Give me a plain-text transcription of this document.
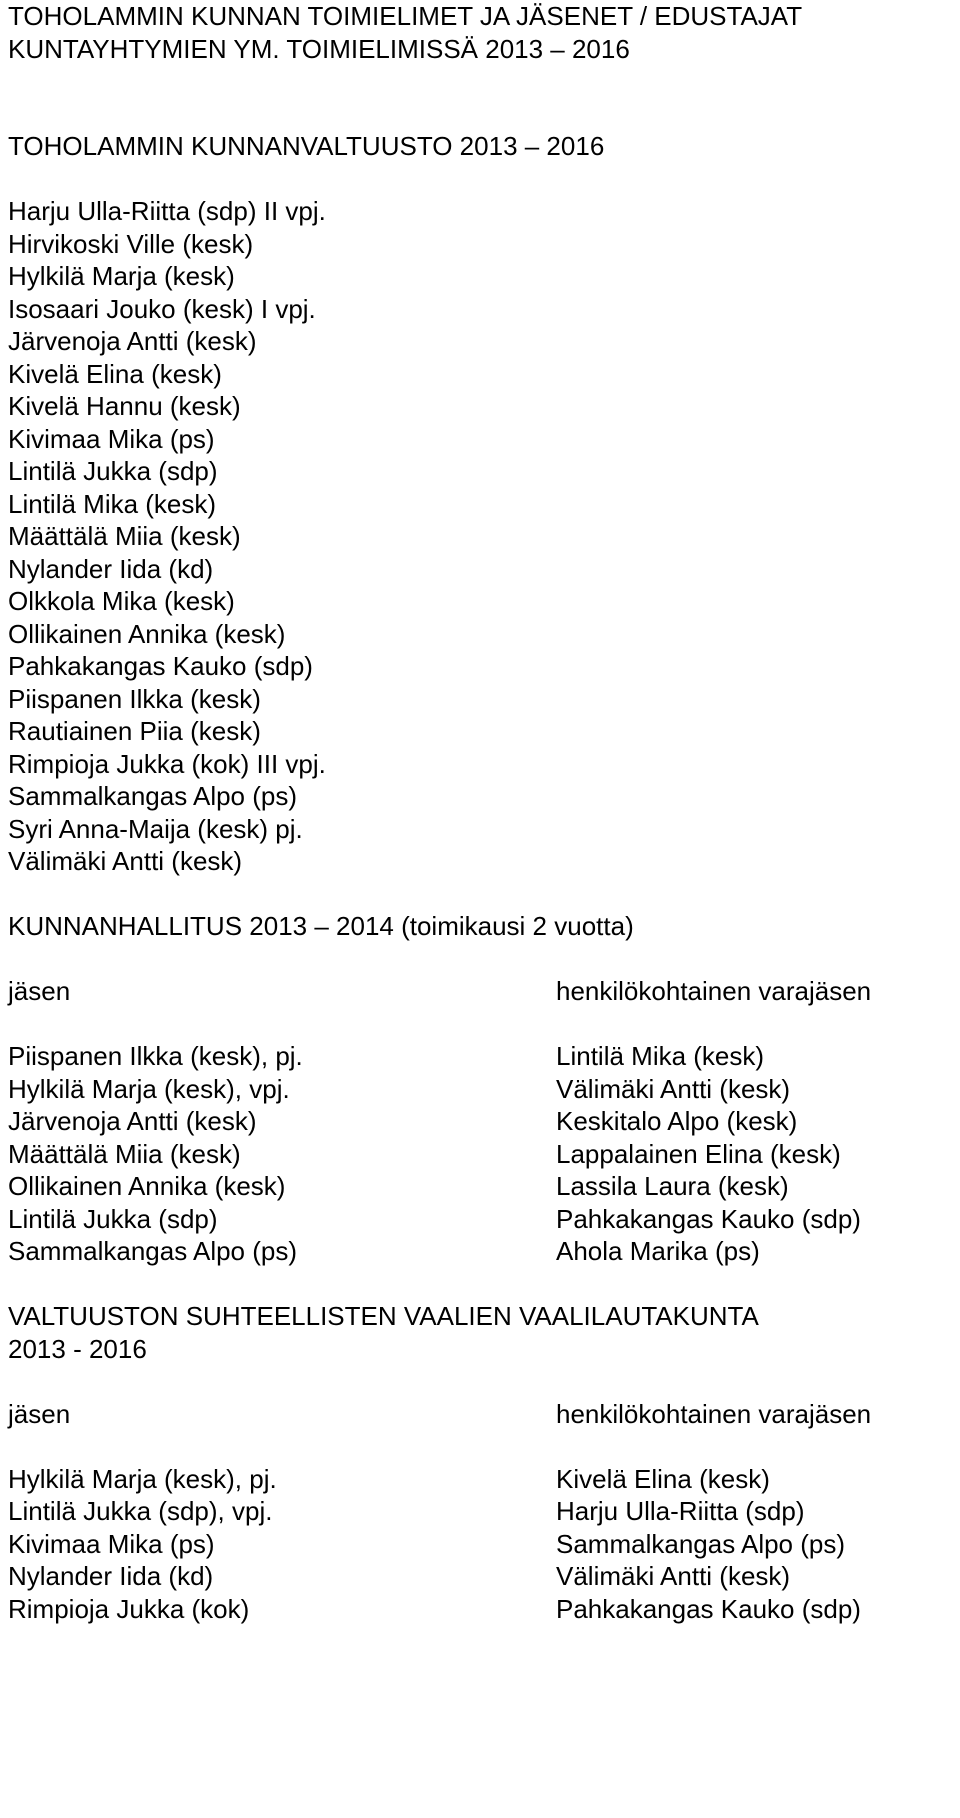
TOHOLAMMIN KUNNAN TOIMIELIMET JA JÄSENET / EDUSTAJAT
KUNTAYHTYMIEN YM. TOIMIELIMISSÄ 2013 – 2016
TOHOLAMMIN KUNNANVALTUUSTO 2013 – 2016
Harju Ulla-Riitta (sdp) II vpj.
Hirvikoski Ville (kesk)
Hylkilä Marja (kesk)
Isosaari Jouko (kesk) I vpj.
Järvenoja Antti (kesk)
Kivelä Elina (kesk)
Kivelä Hannu (kesk)
Kivimaa Mika (ps)
Lintilä Jukka (sdp)
Lintilä Mika (kesk)
Määttälä Miia (kesk)
Nylander Iida (kd)
Olkkola Mika (kesk)
Ollikainen Annika (kesk)
Pahkakangas Kauko (sdp)
Piispanen Ilkka (kesk)
Rautiainen Piia (kesk)
Rimpioja Jukka (kok) III vpj.
Sammalkangas Alpo (ps)
Syri Anna-Maija (kesk) pj.
Välimäki Antti (kesk)
KUNNANHALLITUS 2013 – 2014 (toimikausi 2 vuotta)
jäsen	henkilökohtainen varajäsen
Piispanen Ilkka (kesk), pj.	Lintilä Mika (kesk)
Hylkilä Marja (kesk), vpj.	Välimäki Antti (kesk)
Järvenoja Antti (kesk)	Keskitalo Alpo (kesk)
Määttälä Miia (kesk)	Lappalainen Elina (kesk)
Ollikainen Annika (kesk)	Lassila Laura (kesk)
Lintilä Jukka (sdp)	Pahkakangas Kauko (sdp)
Sammalkangas Alpo (ps)	Ahola Marika (ps)
VALTUUSTON SUHTEELLISTEN VAALIEN VAALILAUTAKUNTA
2013 - 2016
jäsen	henkilökohtainen varajäsen
Hylkilä Marja (kesk), pj.	Kivelä Elina (kesk)
Lintilä Jukka (sdp), vpj.	Harju Ulla-Riitta (sdp)
Kivimaa Mika (ps)	Sammalkangas Alpo (ps)
Nylander Iida (kd)	Välimäki Antti (kesk)
Rimpioja Jukka (kok)	Pahkakangas Kauko (sdp)
